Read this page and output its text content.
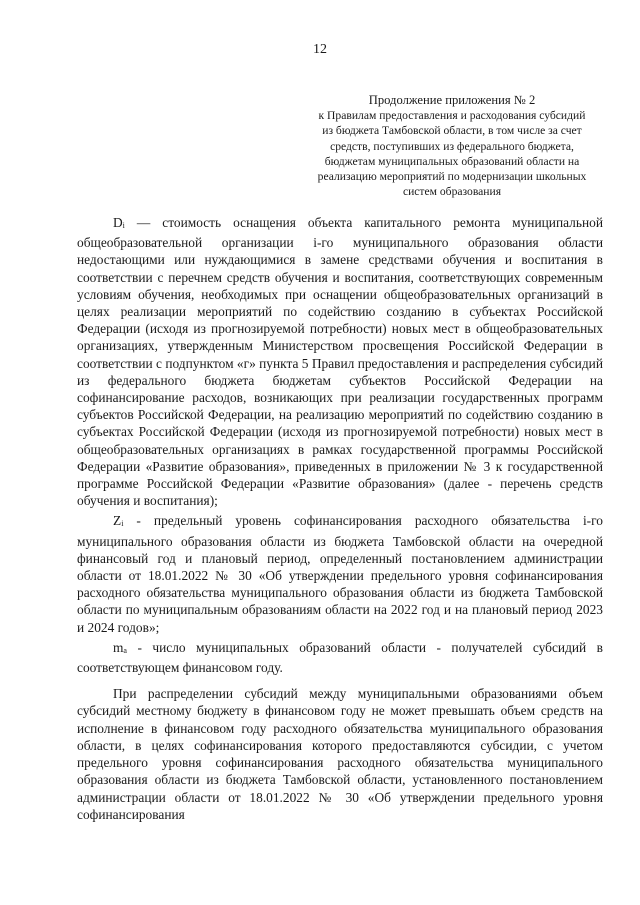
12
Продолжение приложения № 2
к Правилам предоставления и расходования субсидий
из бюджета Тамбовской области, в том числе за счет
средств, поступивших из федерального бюджета,
бюджетам муниципальных образований области на
реализацию мероприятий по модернизации школьных
систем образования

Di — стоимость оснащения объекта капитального ремонта муниципальной общеобразовательной организации i-го муниципального образования области недостающими или нуждающимися в замене средствами обучения и воспитания в соответствии с перечнем средств обучения и воспитания, соответствующих современным условиям обучения, необходимых при оснащении общеобразовательных организаций в целях реализации мероприятий по содействию созданию в субъектах Российской Федерации (исходя из прогнозируемой потребности) новых мест в общеобразовательных организациях, утвержденным Министерством просвещения Российской Федерации в соответствии с подпунктом «г» пункта 5 Правил предоставления и распределения субсидий из федерального бюджета бюджетам субъектов Российской Федерации на софинансирование расходов, возникающих при реализации государственных программ субъектов Российской Федерации, на реализацию мероприятий по содействию созданию в субъектах Российской Федерации (исходя из прогнозируемой потребности) новых мест в общеобразовательных организациях в рамках государственной программы Российской Федерации «Развитие образования», приведенных в приложении № 3 к государственной программе Российской Федерации «Развитие образования» (далее - перечень средств обучения и воспитания);

Zi - предельный уровень софинансирования расходного обязательства i-го муниципального образования области из бюджета Тамбовской области на очередной финансовый год и плановый период, определенный постановлением администрации области от 18.01.2022 № 30 «Об утверждении предельного уровня софинансирования расходного обязательства муниципального образования области из бюджета Тамбовской области по муниципальным образованиям области на 2022 год и на плановый период 2023 и 2024 годов»;

ma - число муниципальных образований области - получателей субсидий в соответствующем финансовом году.

При распределении субсидий между муниципальными образованиями объем субсидий местному бюджету в финансовом году не может превышать объем средств на исполнение в финансовом году расходного обязательства муниципального образования области, в целях софинансирования которого предоставляются субсидии, с учетом предельного уровня софинансирования расходного обязательства муниципального образования области из бюджета Тамбовской области, установленного постановлением администрации области от 18.01.2022 № 30 «Об утверждении предельного уровня софинансирования
